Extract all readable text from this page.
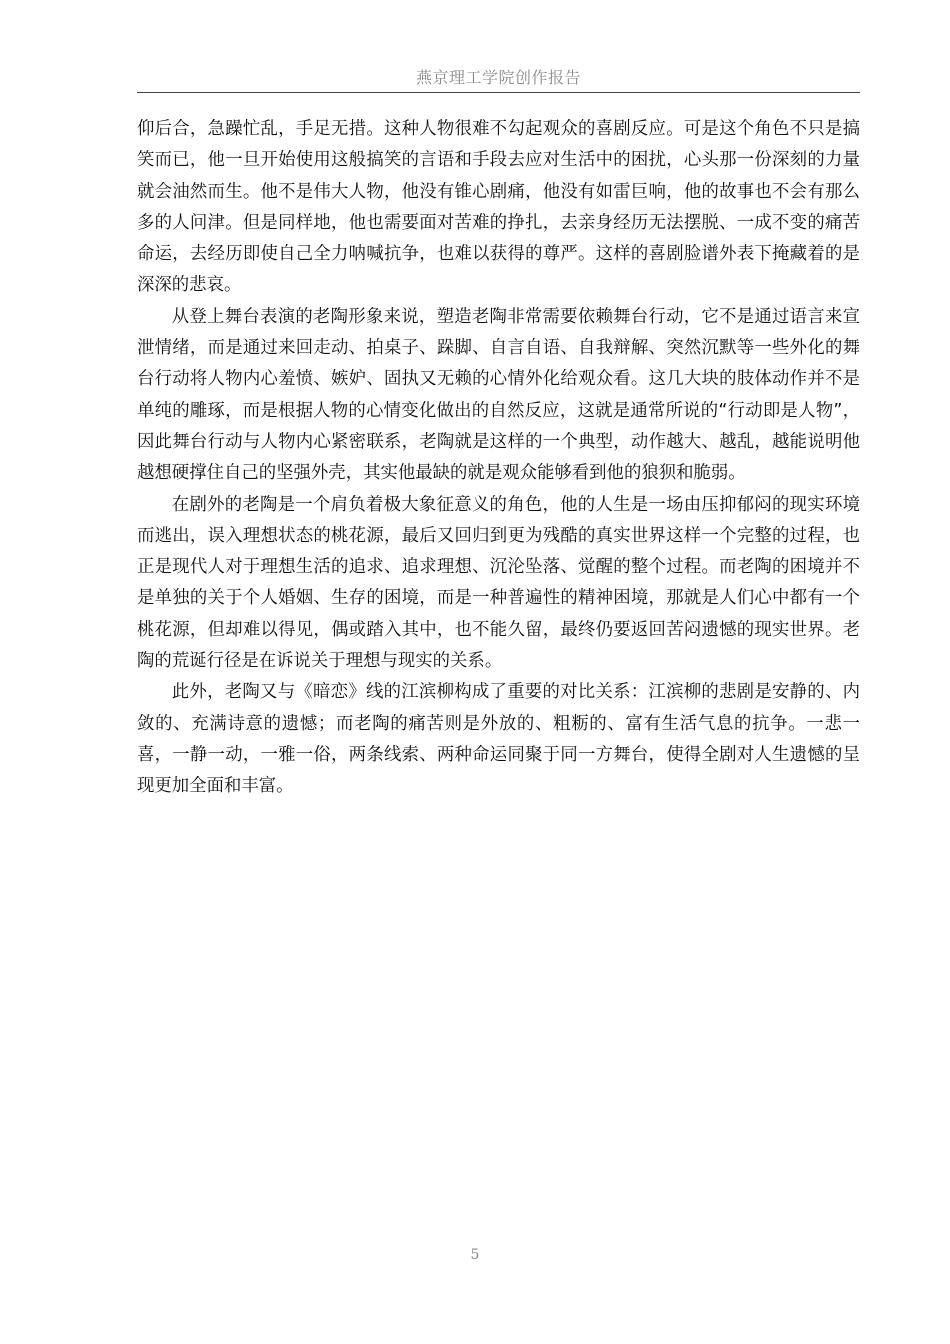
燕京理工学院创作报告

仰后合，急躁忙乱，手足无措。这种人物很难不勾起观众的喜剧反应。可是这个角色不只是搞笑而已，他一旦开始使用这般搞笑的言语和手段去应对生活中的困扰，心头那一份深刻的力量就会油然而生。他不是伟大人物，他没有锥心剧痛，他没有如雷巨响，他的故事也不会有那么多的人问津。但是同样地，他也需要面对苦难的挣扎，去亲身经历无法摆脱、一成不变的痛苦命运，去经历即使自己全力呐喊抗争，也难以获得的尊严。这样的喜剧脸谱外表下掩藏着的是深深的悲哀。

从登上舞台表演的老陶形象来说，塑造老陶非常需要依赖舞台行动，它不是通过语言来宣泄情绪，而是通过来回走动、拍桌子、跺脚、自言自语、自我辩解、突然沉默等一些外化的舞台行动将人物内心羞愤、嫉妒、固执又无赖的心情外化给观众看。这几大块的肢体动作并不是单纯的雕琢，而是根据人物的心情变化做出的自然反应，这就是通常所说的“行动即是人物”，因此舞台行动与人物内心紧密联系，老陶就是这样的一个典型，动作越大、越乱，越能说明他越想硬撑住自己的坚强外壳，其实他最缺的就是观众能够看到他的狼狈和脆弱。

在剧外的老陶是一个肩负着极大象征意义的角色，他的人生是一场由压抑郁闷的现实环境而逃出，误入理想状态的桃花源，最后又回归到更为残酷的真实世界这样一个完整的过程，也正是现代人对于理想生活的追求、追求理想、沉沦坠落、觉醒的整个过程。而老陶的困境并不是单独的关于个人婚姻、生存的困境，而是一种普遍性的精神困境，那就是人们心中都有一个桃花源，但却难以得见，偶或踏入其中，也不能久留，最终仍要返回苦闷遗憾的现实世界。老陶的荒诞行径是在诉说关于理想与现实的关系。

此外，老陶又与《暗恋》线的江滨柳构成了重要的对比关系：江滨柳的悲剧是安静的、内敛的、充满诗意的遗憾；而老陶的痛苦则是外放的、粗粝的、富有生活气息的抗争。一悲一喜，一静一动，一雅一俗，两条线索、两种命运同聚于同一方舞台，使得全剧对人生遗憾的呈现更加全面和丰富。

5
